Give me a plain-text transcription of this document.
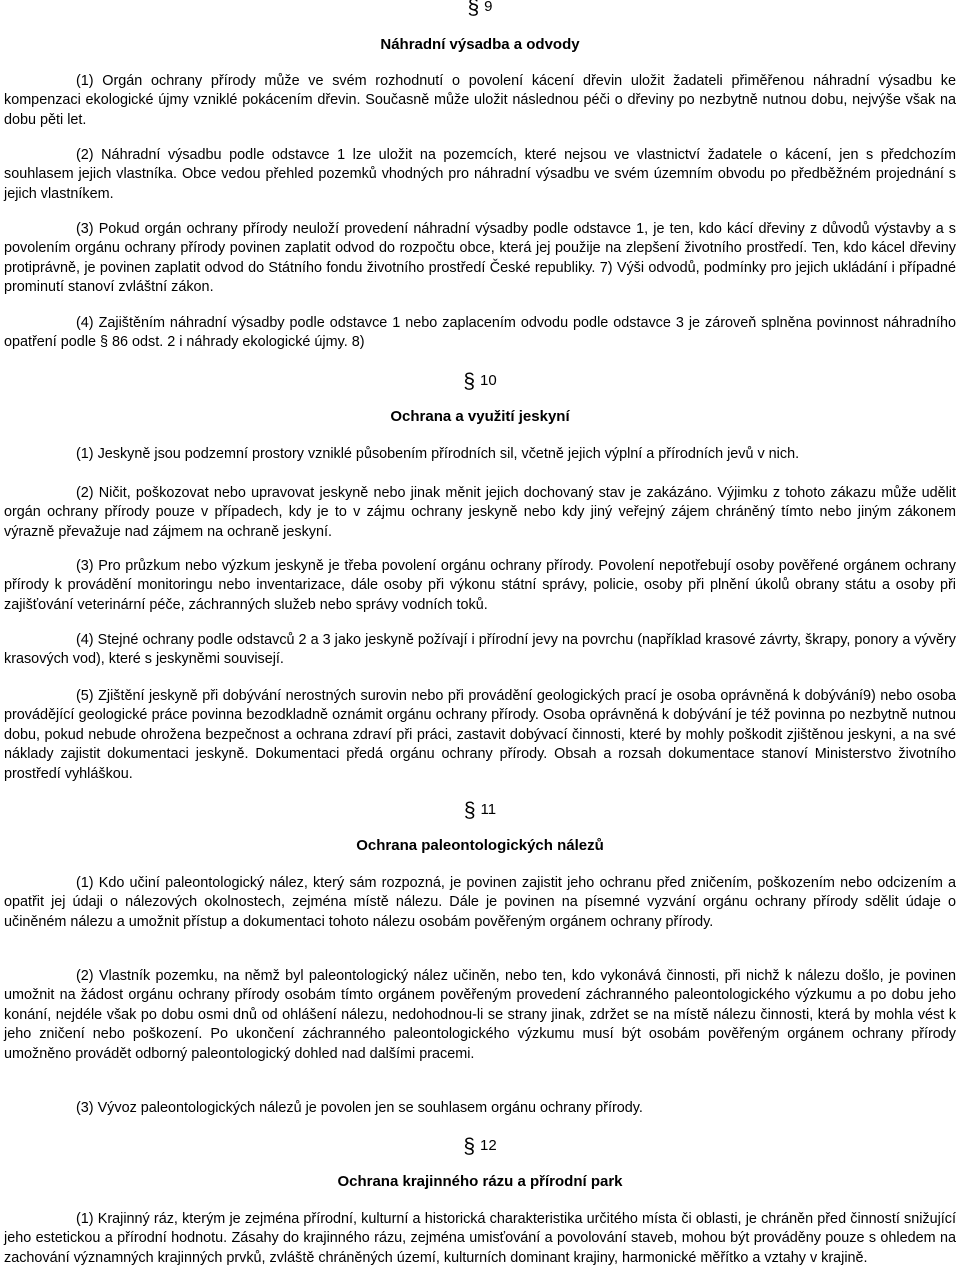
§ 9
Náhradní výsadba a odvody
(1) Orgán ochrany přírody může ve svém rozhodnutí o povolení kácení dřevin uložit žadateli přiměřenou náhradní výsadbu ke kompenzaci ekologické újmy vzniklé pokácením dřevin. Současně může uložit následnou péči o dřeviny po nezbytně nutnou dobu, nejvýše však na dobu pěti let.
(2) Náhradní výsadbu podle odstavce 1 lze uložit na pozemcích, které nejsou ve vlastnictví žadatele o kácení, jen s předchozím souhlasem jejich vlastníka. Obce vedou přehled pozemků vhodných pro náhradní výsadbu ve svém územním obvodu po předběžném projednání s jejich vlastníkem.
(3) Pokud orgán ochrany přírody neuloží provedení náhradní výsadby podle odstavce 1, je ten, kdo kácí dřeviny z důvodů výstavby a s povolením orgánu ochrany přírody povinen zaplatit odvod do rozpočtu obce, která jej použije na zlepšení životního prostředí. Ten, kdo kácel dřeviny protiprávně, je povinen zaplatit odvod do Státního fondu životního prostředí České republiky. 7) Výši odvodů, podmínky pro jejich ukládání i případné prominutí stanoví zvláštní zákon.
(4) Zajištěním náhradní výsadby podle odstavce 1 nebo zaplacením odvodu podle odstavce 3 je zároveň splněna povinnost náhradního opatření podle § 86 odst. 2 i náhrady ekologické újmy. 8)
§ 10
Ochrana a využití jeskyní
(1) Jeskyně jsou podzemní prostory vzniklé působením přírodních sil, včetně jejich výplní a přírodních jevů v nich.
(2) Ničit, poškozovat nebo upravovat jeskyně nebo jinak měnit jejich dochovaný stav je zakázáno. Výjimku z tohoto zákazu může udělit orgán ochrany přírody pouze v případech, kdy je to v zájmu ochrany jeskyně nebo kdy jiný veřejný zájem chráněný tímto nebo jiným zákonem výrazně převažuje nad zájmem na ochraně jeskyní.
(3) Pro průzkum nebo výzkum jeskyně je třeba povolení orgánu ochrany přírody. Povolení nepotřebují osoby pověřené orgánem ochrany přírody k provádění monitoringu nebo inventarizace, dále osoby při výkonu státní správy, policie, osoby při plnění úkolů obrany státu a osoby při zajišťování veterinární péče, záchranných služeb nebo správy vodních toků.
(4) Stejné ochrany podle odstavců 2 a 3 jako jeskyně požívají i přírodní jevy na povrchu (například krasové závrty, škrapy, ponory a vývěry krasových vod), které s jeskyněmi souvisejí.
(5) Zjištění jeskyně při dobývání nerostných surovin nebo při provádění geologických prací je osoba oprávněná k dobývání9) nebo osoba provádějící geologické práce povinna bezodkladně oznámit orgánu ochrany přírody. Osoba oprávněná k dobývání je též povinna po nezbytně nutnou dobu, pokud nebude ohrožena bezpečnost a ochrana zdraví při práci, zastavit dobývací činnosti, které by mohly poškodit zjištěnou jeskyni, a na své náklady zajistit dokumentaci jeskyně. Dokumentaci předá orgánu ochrany přírody. Obsah a rozsah dokumentace stanoví Ministerstvo životního prostředí vyhláškou.
§ 11
Ochrana paleontologických nálezů
(1) Kdo učiní paleontologický nález, který sám rozpozná, je povinen zajistit jeho ochranu před zničením, poškozením nebo odcizením a opatřit jej údaji o nálezových okolnostech, zejména místě nálezu. Dále je povinen na písemné vyzvání orgánu ochrany přírody sdělit údaje o učiněném nálezu a umožnit přístup a dokumentaci tohoto nálezu osobám pověřeným orgánem ochrany přírody.
(2) Vlastník pozemku, na němž byl paleontologický nález učiněn, nebo ten, kdo vykonává činnosti, při nichž k nálezu došlo, je povinen umožnit na žádost orgánu ochrany přírody osobám tímto orgánem pověřeným provedení záchranného paleontologického výzkumu a po dobu jeho konání, nejdéle však po dobu osmi dnů od ohlášení nálezu, nedohodnou-li se strany jinak, zdržet se na místě nálezu činnosti, která by mohla vést k jeho zničení nebo poškození. Po ukončení záchranného paleontologického výzkumu musí být osobám pověřeným orgánem ochrany přírody umožněno provádět odborný paleontologický dohled nad dalšími pracemi.
(3) Vývoz paleontologických nálezů je povolen jen se souhlasem orgánu ochrany přírody.
§ 12
Ochrana krajinného rázu a přírodní park
(1) Krajinný ráz, kterým je zejména přírodní, kulturní a historická charakteristika určitého místa či oblasti, je chráněn před činností snižující jeho estetickou a přírodní hodnotu. Zásahy do krajinného rázu, zejména umisťování a povolování staveb, mohou být prováděny pouze s ohledem na zachování významných krajinných prvků, zvláště chráněných území, kulturních dominant krajiny, harmonické měřítko a vztahy v krajině.
